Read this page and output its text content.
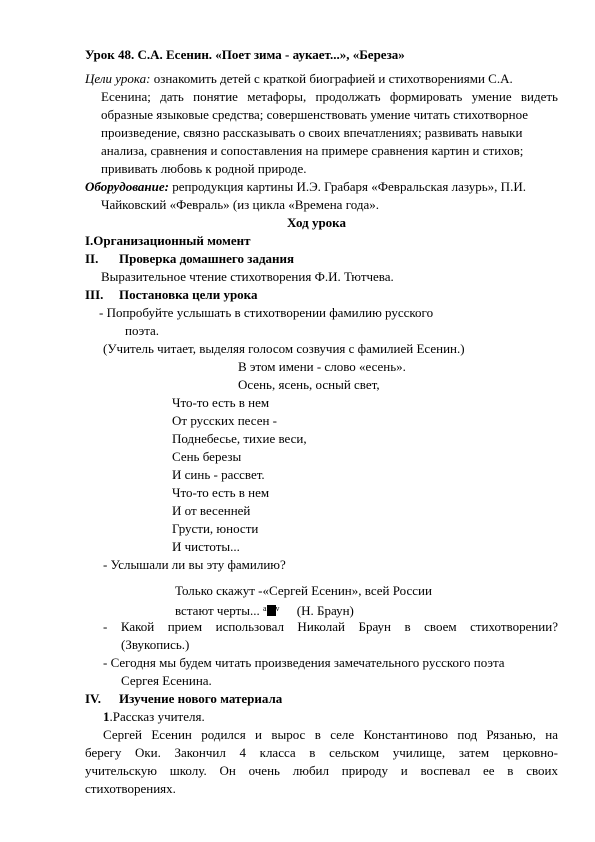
Урок 48. С.А. Есенин. «Поет зима - аукает...», «Береза»
Цели урока: ознакомить детей с краткой биографией и стихотворениями С.А.
Есенина; дать понятие метафоры, продолжать формировать умение видеть
образные языковые средства; совершенствовать умение читать стихотворное
произведение, связно рассказывать о своих впечатлениях; развивать навыки
анализа, сравнения и сопоставления на примере сравнения картин и стихов;
прививать любовь к родной природе.
Оборудование: репродукция картины И.Э. Грабаря «Февральская лазурь», П.И.
Чайковский «Февраль» (из цикла «Времена года».
Ход урока
I.Организационный момент
II. Проверка домашнего задания
Выразительное чтение стихотворения Ф.И. Тютчева.
III. Постановка цели урока
- Попробуйте услышать в стихотворении фамилию русского
поэта.
(Учитель читает, выделяя голосом созвучия с фамилией Есенин.)
В этом имени - слово «есень».
Осень, ясень, осный свет,
Что-то есть в нем
От русских песен -
Поднебесье, тихие веси,
Сень березы
И синь - рассвет.
Что-то есть в нем
И от весенней
Грусти, юности
И чистоты...
- Услышали ли вы эту фамилию?
Только скажут -«Сергей Есенин», всей России
встают черты... $^a$ $^v$ (Н. Браун)
- Какой прием использовал Николай Браун в своем стихотворении?
(Звукопись.)
- Сегодня мы будем читать произведения замечательного русского поэта
Сергея Есенина.
IV. Изучение нового материала
1.Рассказ учителя.
Сергей Есенин родился и вырос в селе Константиново под Рязанью, на
берегу Оки. Закончил 4 класса в сельском училище, затем церковно-
учительскую школу. Он очень любил природу и воспевал ее в своих
стихотворениях.
